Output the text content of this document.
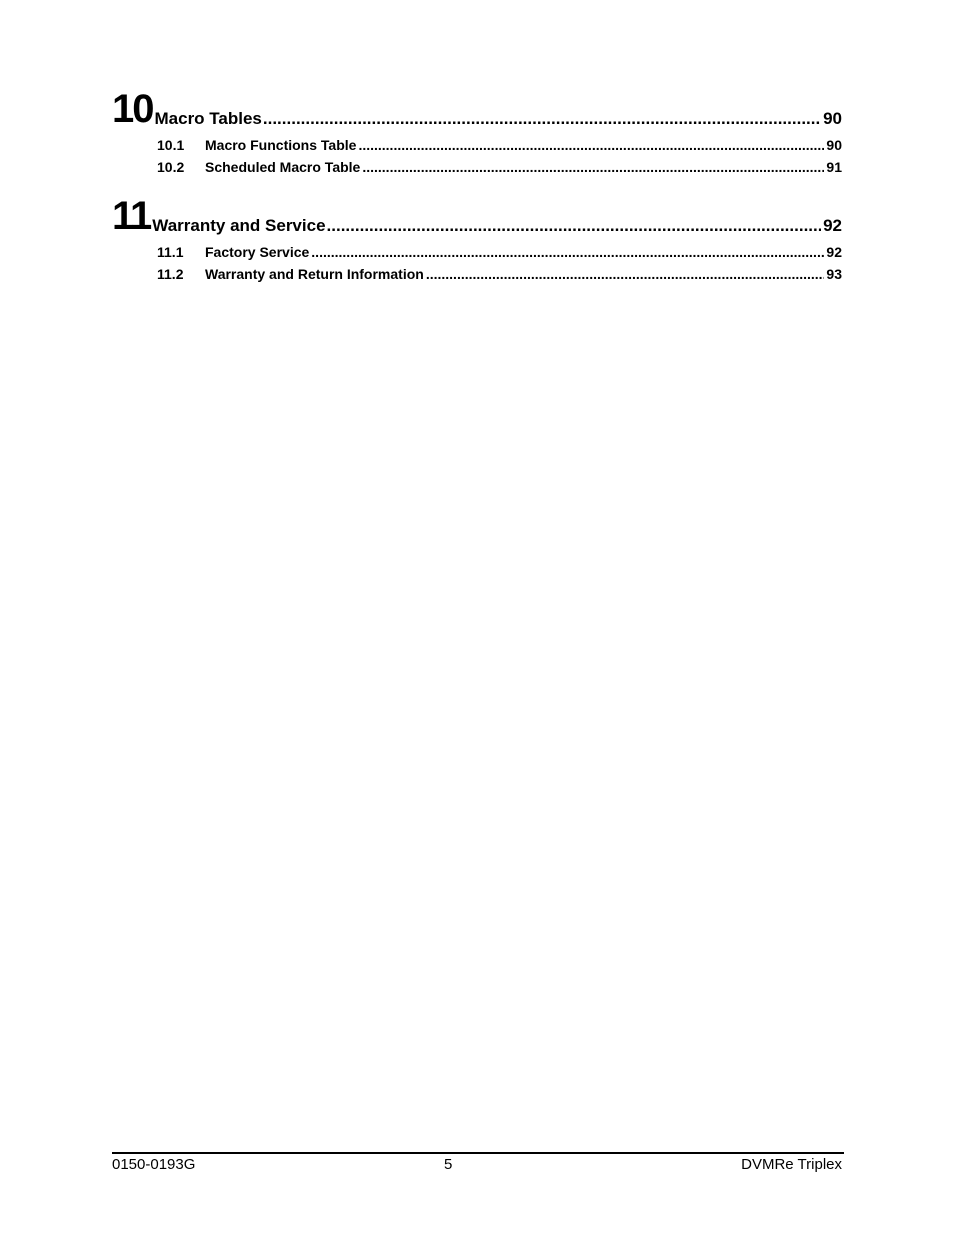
10 Macro Tables .....	90
10.1	Macro Functions Table .....	90
10.2	Scheduled Macro Table .....	91
11 Warranty and Service .....	92
11.1	Factory Service .....	92
11.2	Warranty and Return Information .....	93
0150-0193G	5	DVMRe Triplex
